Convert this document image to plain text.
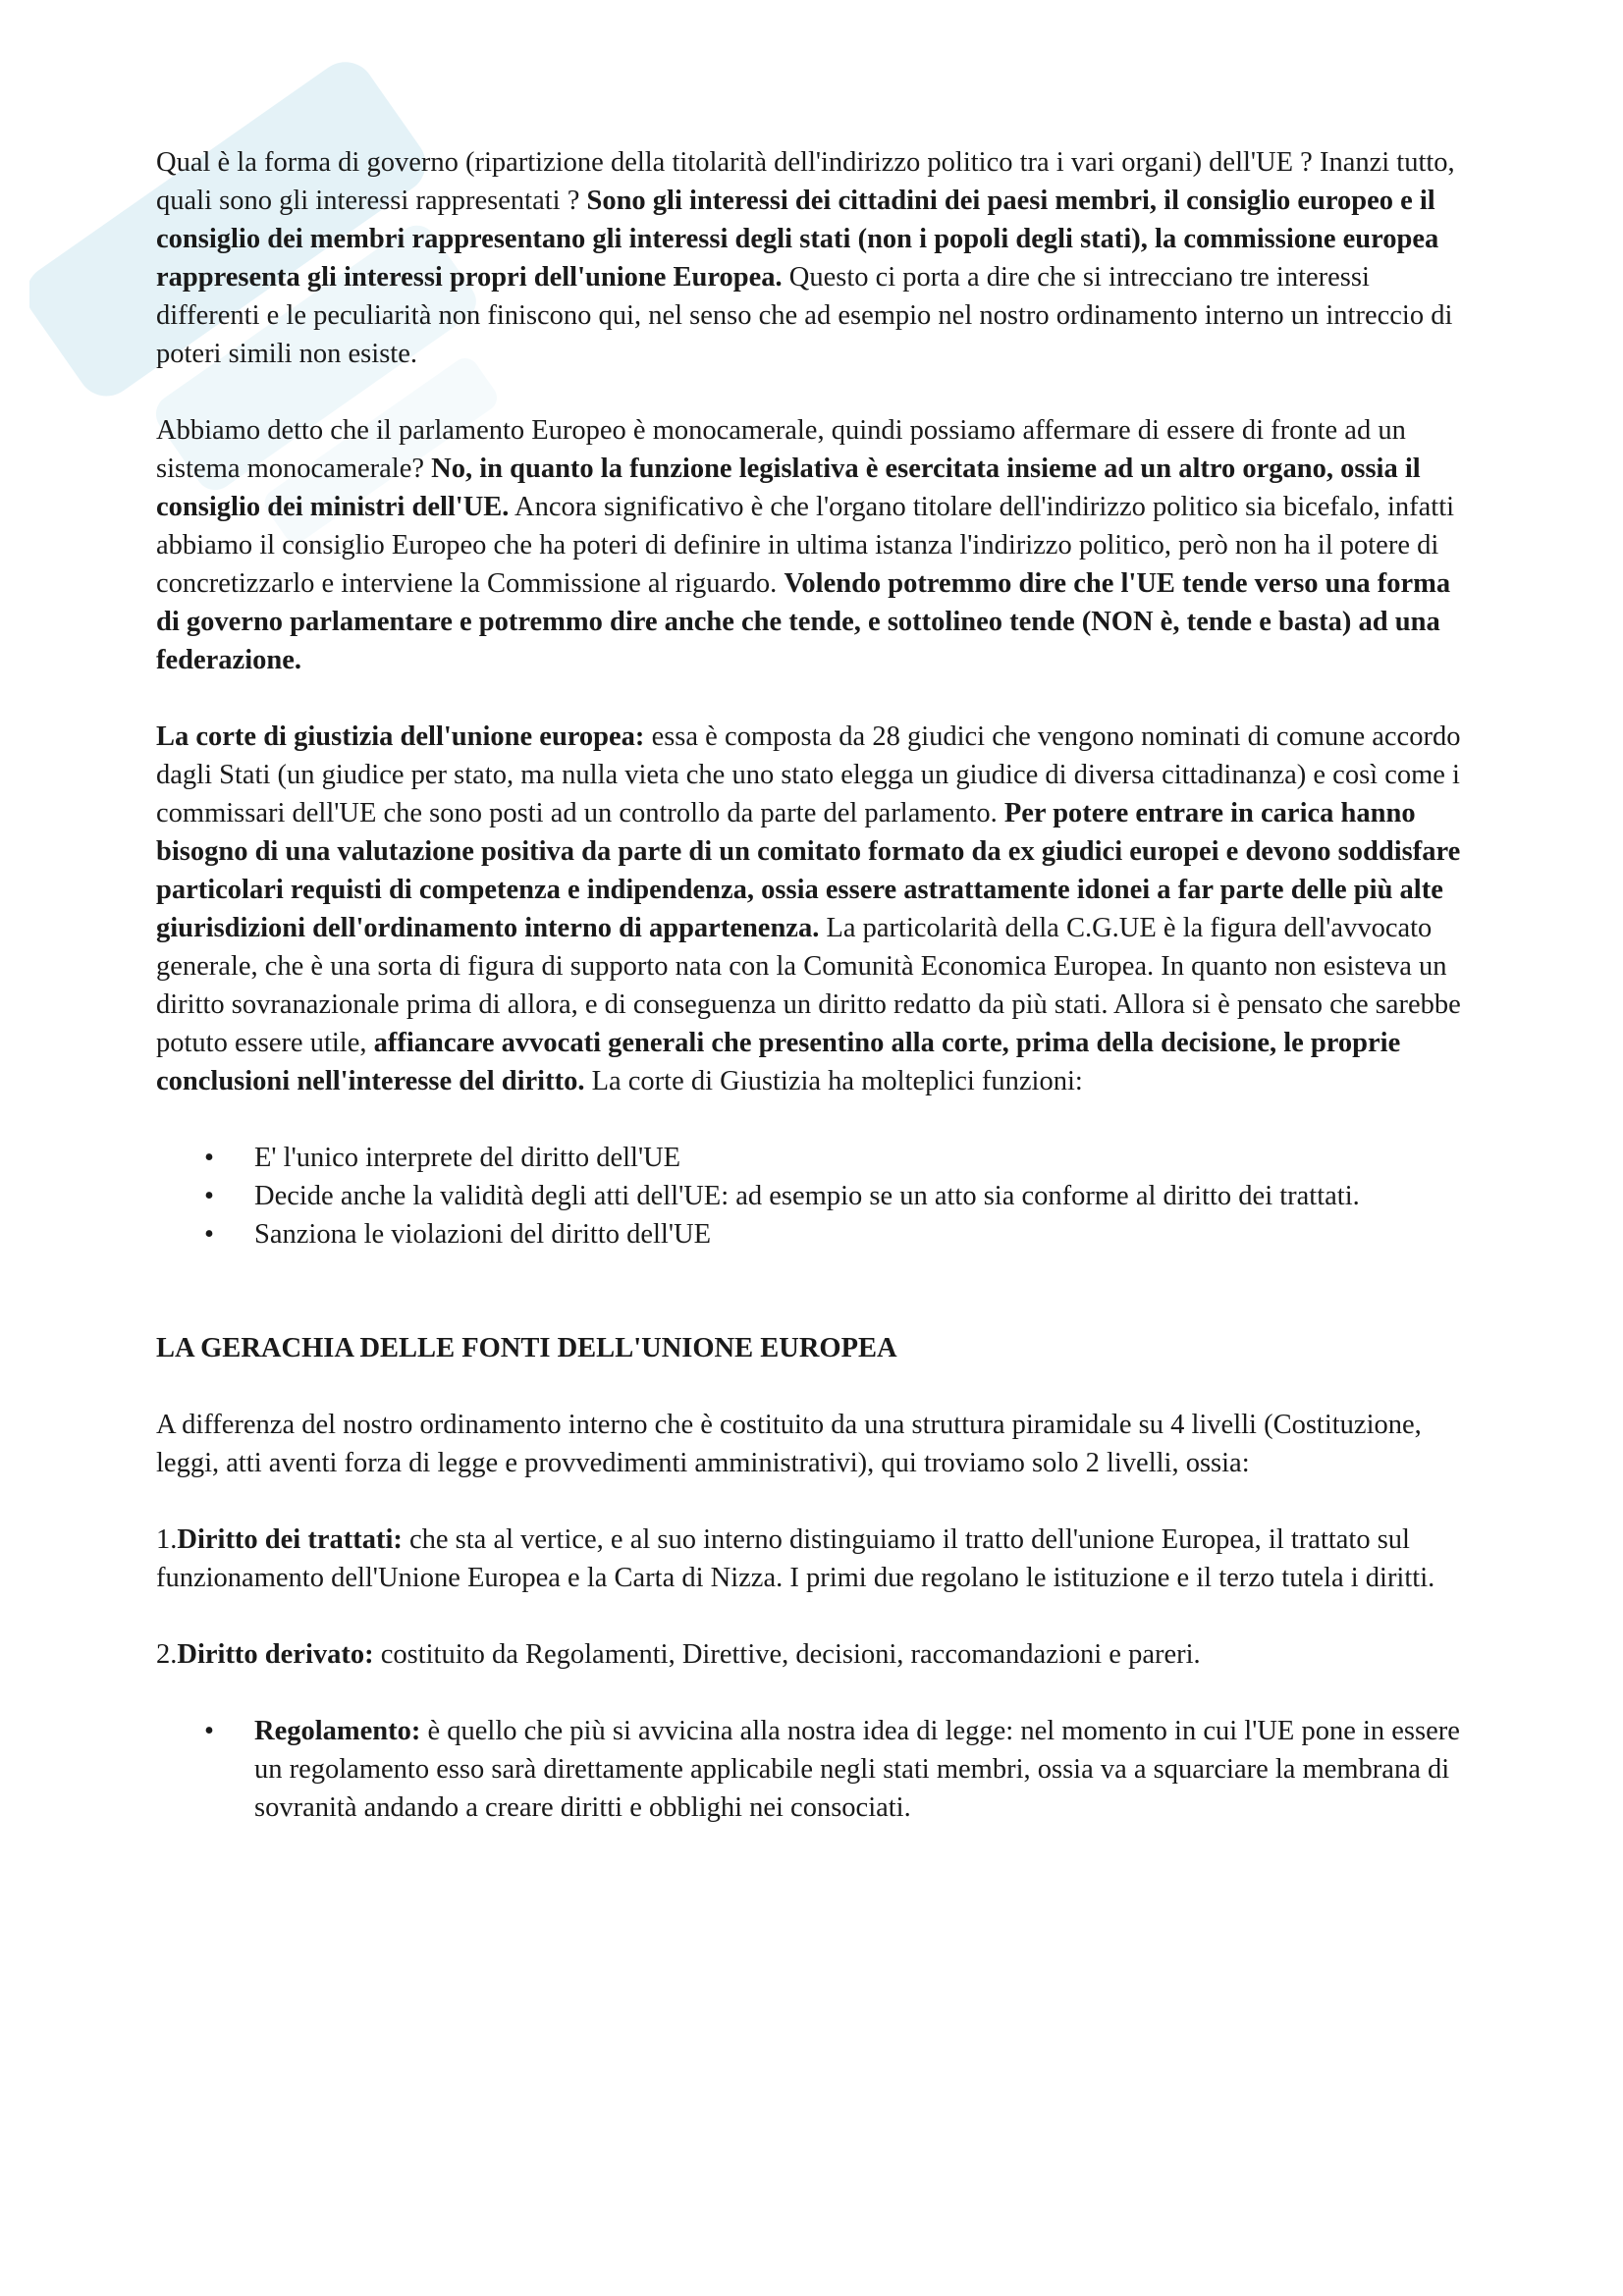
Qual è la forma di governo (ripartizione della titolarità dell'indirizzo politico tra i vari organi) dell'UE ? Inanzi tutto, quali sono gli interessi rappresentati ? Sono gli interessi dei cittadini dei paesi membri, il consiglio europeo e il consiglio dei membri rappresentano gli interessi degli stati (non i popoli degli stati), la commissione europea rappresenta gli interessi propri dell'unione Europea. Questo ci porta a dire che si intrecciano tre interessi differenti e le peculiarità non finiscono qui, nel senso che ad esempio nel nostro ordinamento interno un intreccio di poteri simili non esiste.

Abbiamo detto che il parlamento Europeo è monocamerale, quindi possiamo affermare di essere di fronte ad un sistema monocamerale? No, in quanto la funzione legislativa è esercitata insieme ad un altro organo, ossia il consiglio dei ministri dell'UE. Ancora significativo è che l'organo titolare dell'indirizzo politico sia bicefalo, infatti abbiamo il consiglio Europeo che ha poteri di definire in ultima istanza l'indirizzo politico, però non ha il potere di concretizzarlo e interviene la Commissione al riguardo. Volendo potremmo dire che l'UE tende verso una forma di governo parlamentare e potremmo dire anche che tende, e sottolineo tende (NON è, tende e basta) ad una federazione.

La corte di giustizia dell'unione europea: essa è composta da 28 giudici che vengono nominati di comune accordo dagli Stati (un giudice per stato, ma nulla vieta che uno stato elegga un giudice di diversa cittadinanza) e così come i commissari dell'UE che sono posti ad un controllo da parte del parlamento. Per potere entrare in carica hanno bisogno di una valutazione positiva da parte di un comitato formato da ex giudici europei e devono soddisfare particolari requisti di competenza e indipendenza, ossia essere astrattamente idonei a far parte delle più alte giurisdizioni dell'ordinamento interno di appartenenza. La particolarità della C.G.UE è la figura dell'avvocato generale, che è una sorta di figura di supporto nata con la Comunità Economica Europea. In quanto non esisteva un diritto sovranazionale prima di allora, e di conseguenza un diritto redatto da più stati. Allora si è pensato che sarebbe potuto essere utile, affiancare avvocati generali che presentino alla corte, prima della decisione, le proprie conclusioni nell'interesse del diritto. La corte di Giustizia ha molteplici funzioni:

• E' l'unico interprete del diritto dell'UE
• Decide anche la validità degli atti dell'UE: ad esempio se un atto sia conforme al diritto dei trattati.
• Sanziona le violazioni del diritto dell'UE

LA GERACHIA DELLE FONTI DELL'UNIONE EUROPEA

A differenza del nostro ordinamento interno che è costituito da una struttura piramidale su 4 livelli (Costituzione, leggi, atti aventi forza di legge e provvedimenti amministrativi), qui troviamo solo 2 livelli, ossia:

1.Diritto dei trattati: che sta al vertice, e al suo interno distinguiamo il tratto dell'unione Europea, il trattato sul funzionamento dell'Unione Europea e la Carta di Nizza. I primi due regolano le istituzione e il terzo tutela i diritti.

2.Diritto derivato: costituito da Regolamenti, Direttive, decisioni, raccomandazioni e pareri.

• Regolamento: è quello che più si avvicina alla nostra idea di legge: nel momento in cui l'UE pone in essere un regolamento esso sarà direttamente applicabile negli stati membri, ossia va a squarciare la membrana di sovranità andando a creare diritti e obblighi nei consociati.
